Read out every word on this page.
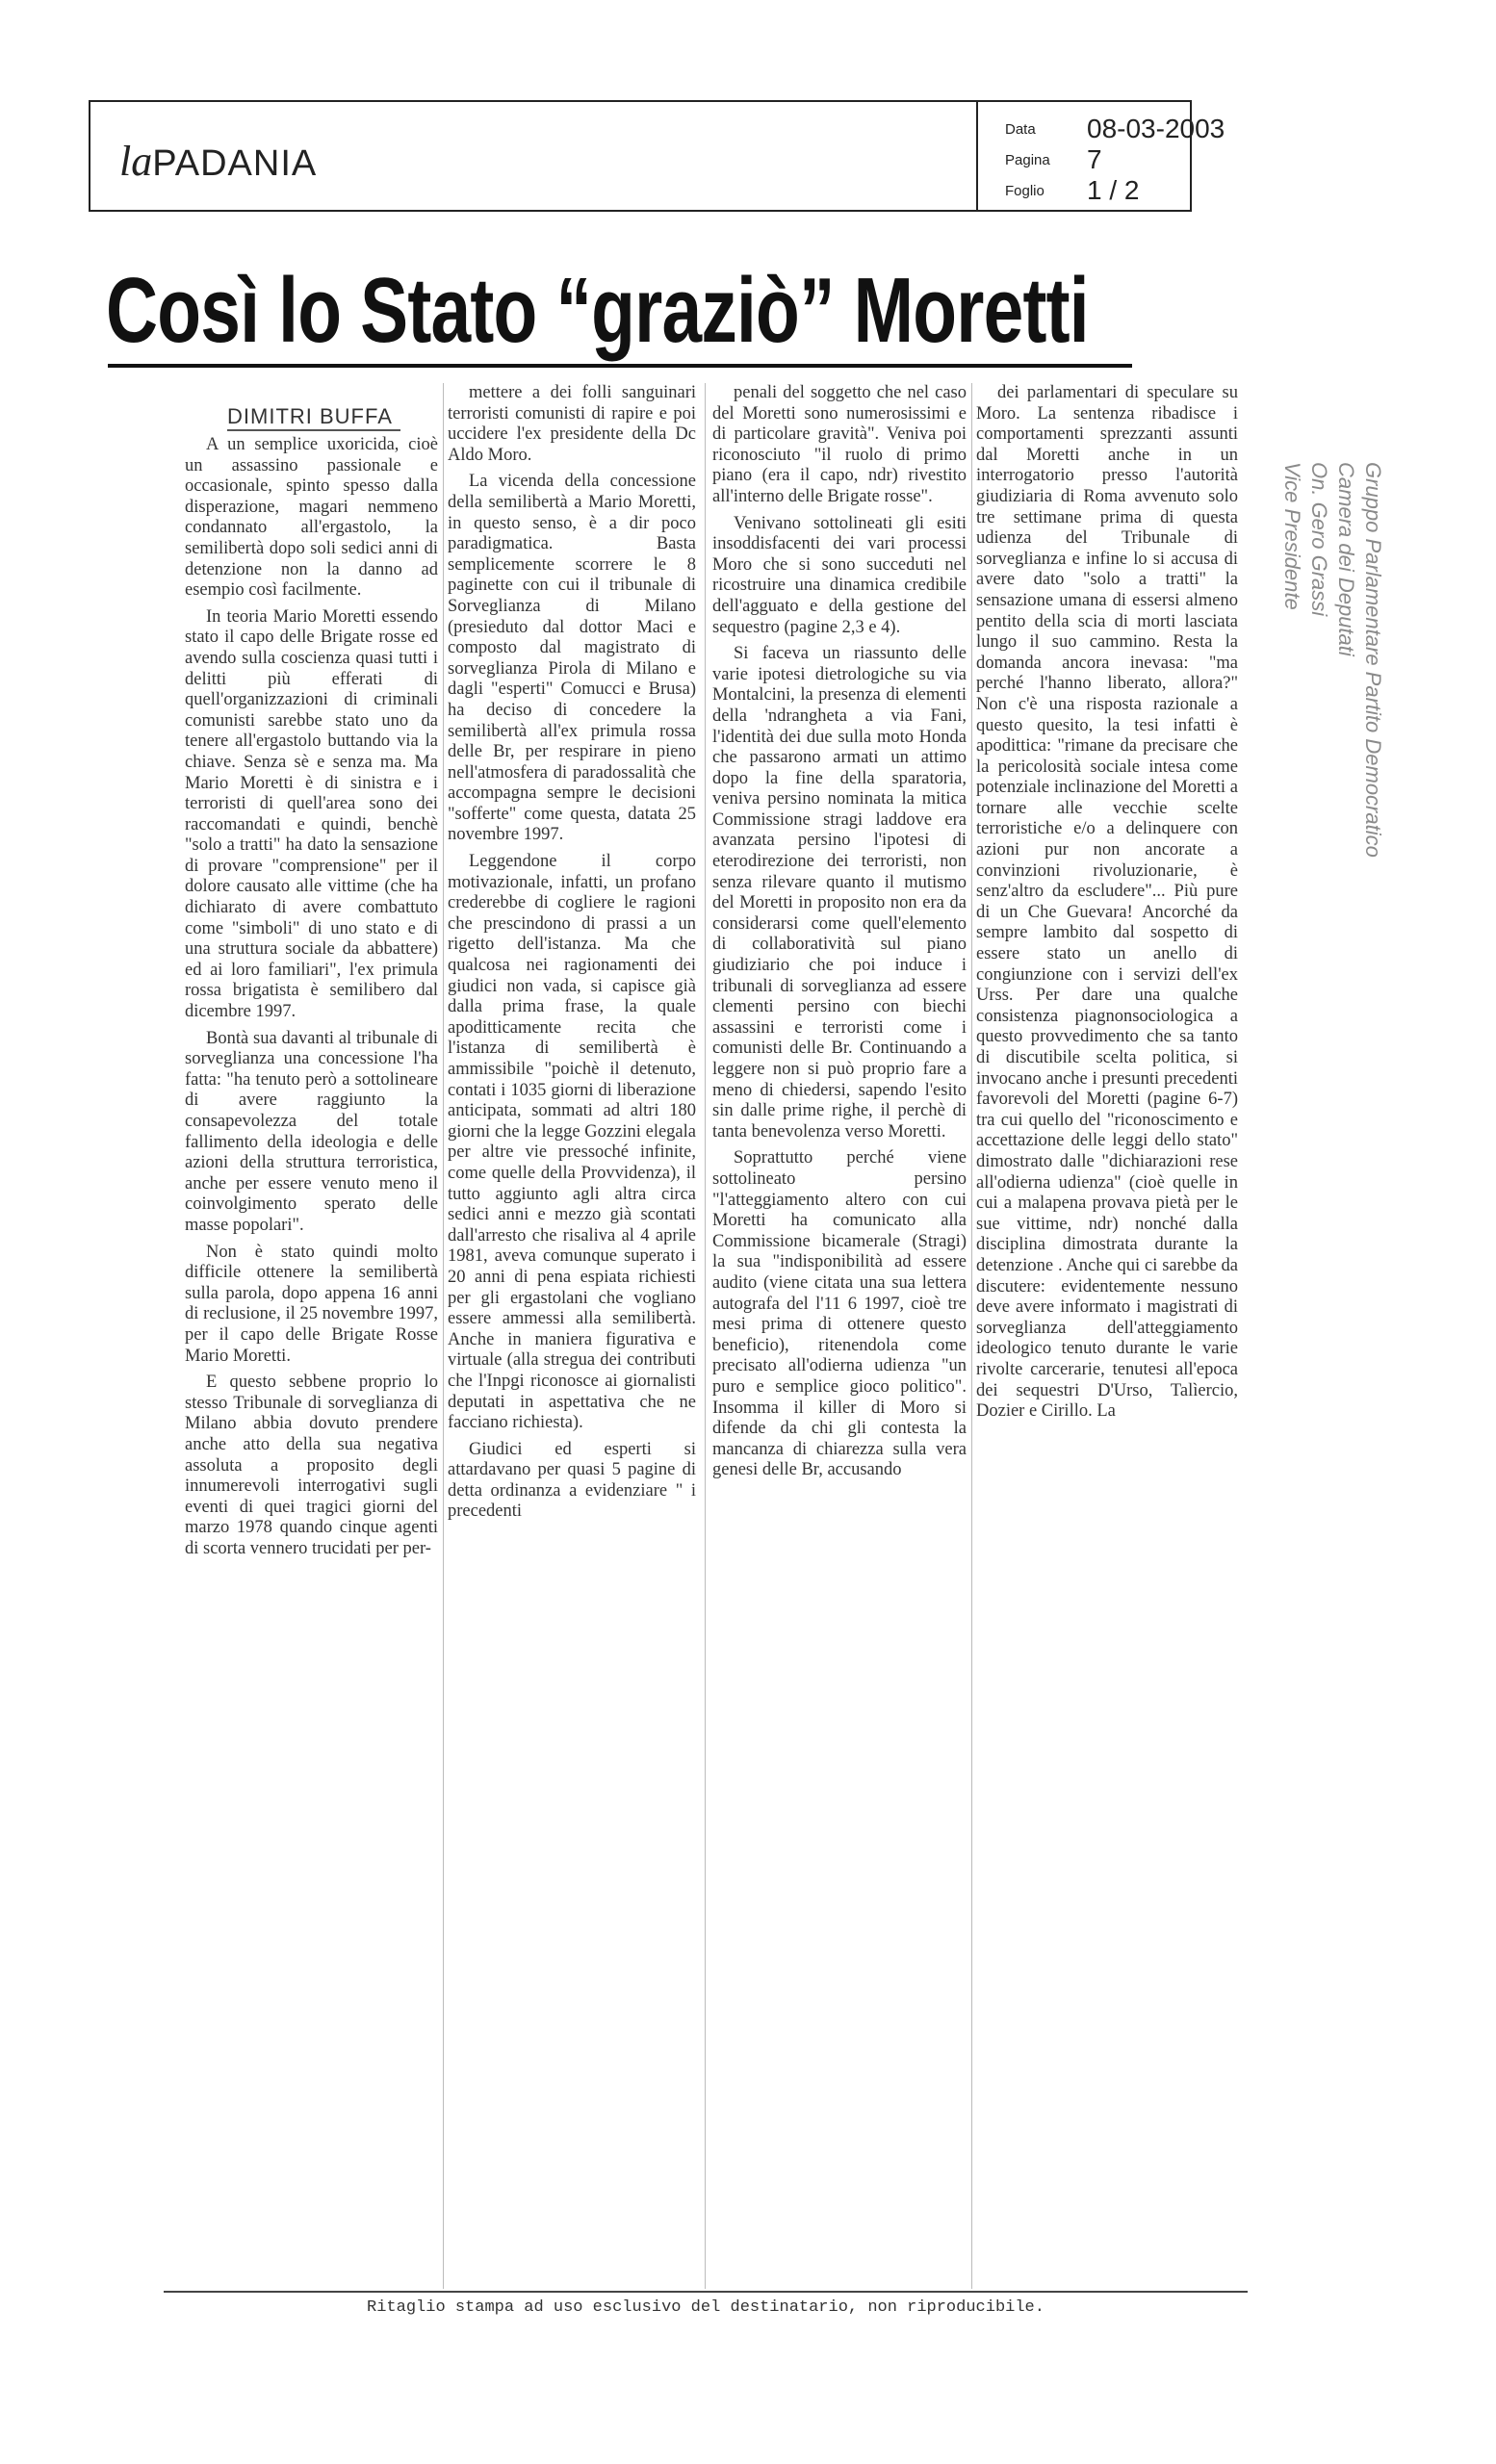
laPADANIA
Data	08-03-2003
Pagina	7
Foglio	1 / 2
Così lo Stato “graziò” Moretti
DIMITRI BUFFA

A un semplice uxoricida, cioè un assassino passionale e occasionale, spinto spesso dalla disperazione, magari nemmeno condannato all'ergastolo, la semilibertà dopo soli sedici anni di detenzione non la danno ad esempio così facilmente.

In teoria Mario Moretti essendo stato il capo delle Brigate rosse ed avendo sulla coscienza quasi tutti i delitti più efferati di quell'organizzazioni di criminali comunisti sarebbe stato uno da tenere all'ergastolo buttando via la chiave. Senza sè e senza ma. Ma Mario Moretti è di sinistra e i terroristi di quell'area sono dei raccomandati e quindi, benchè "solo a tratti" ha dato la sensazione di provare "comprensione" per il dolore causato alle vittime (che ha dichiarato di avere combattuto come "simboli" di uno stato e di una struttura sociale da abbattere) ed ai loro familiari", l'ex primula rossa brigatista è semilibero dal dicembre 1997.

Bontà sua davanti al tribunale di sorveglianza una concessione l'ha fatta: "ha tenuto però a sottolineare di avere raggiunto la consapevolezza del totale fallimento della ideologia e delle azioni della struttura terroristica, anche per essere venuto meno il coinvolgimento sperato delle masse popolari".

Non è stato quindi molto difficile ottenere la semilibertà sulla parola, dopo appena 16 anni di reclusione, il 25 novembre 1997, per il capo delle Brigate Rosse Mario Moretti.

E questo sebbene proprio lo stesso Tribunale di sorveglianza di Milano abbia dovuto prendere anche atto della sua negativa assoluta a proposito degli innumerevoli interrogativi sugli eventi di quei tragici giorni del marzo 1978 quando cinque agenti di scorta vennero trucidati per per-

mettere a dei folli sanguinari terroristi comunisti di rapire e poi uccidere l'ex presidente della Dc Aldo Moro.

La vicenda della concessione della semilibertà a Mario Moretti, in questo senso, è a dir poco paradigmatica. Basta semplicemente scorrere le 8 paginette con cui il tribunale di Sorveglianza di Milano (presieduto dal dottor Maci e composto dal magistrato di sorveglianza Pirola di Milano e dagli "esperti" Comucci e Brusa) ha deciso di concedere la semilibertà all'ex primula rossa delle Br, per respirare in pieno nell'atmosfera di paradossalità che accompagna sempre le decisioni "sofferte" come questa, datata 25 novembre 1997.

Leggendone il corpo motivazionale, infatti, un profano crederebbe di cogliere le ragioni che prescindono di prassi a un rigetto dell'istanza. Ma che qualcosa nei ragionamenti dei giudici non vada, si capisce già dalla prima frase, la quale apoditticamente recita che l'istanza di semilibertà è ammissibile "poichè il detenuto, contati i 1035 giorni di liberazione anticipata, sommati ad altri 180 giorni che la legge Gozzini elegala per altre vie pressoché infinite, come quelle della Provvidenza), il tutto aggiunto agli altra circa sedici anni e mezzo già scontati dall'arresto che risaliva al 4 aprile 1981, aveva comunque superato i 20 anni di pena espiata richiesti per gli ergastolani che vogliano essere ammessi alla semilibertà. Anche in maniera figurativa e virtuale (alla stregua dei contributi che l'Inpgi riconosce ai giornalisti deputati in aspettativa che ne facciano richiesta).

Giudici ed esperti si attardavano per quasi 5 pagine di detta ordinanza a evidenziare " i precedenti

penali del soggetto che nel caso del Moretti sono numerosissimi e di particolare gravità". Veniva poi riconosciuto "il ruolo di primo piano (era il capo, ndr) rivestito all'interno delle Brigate rosse".

Venivano sottolineati gli esiti insoddisfacenti dei vari processi Moro che si sono succeduti nel ricostruire una dinamica credibile dell'agguato e della gestione del sequestro (pagine 2,3 e 4).

Si faceva un riassunto delle varie ipotesi dietrologiche su via Montalcini, la presenza di elementi della 'ndrangheta a via Fani, l'identità dei due sulla moto Honda che passarono armati un attimo dopo la fine della sparatoria, veniva persino nominata la mitica Commissione stragi laddove era avanzata persino l'ipotesi di eterodirezione dei terroristi, non senza rilevare quanto il mutismo del Moretti in proposito non era da considerarsi come quell'elemento di collaboratività sul piano giudiziario che poi inducе i tribunali di sorveglianza ad essere clementi persino con biechi assassini e terroristi come i comunisti delle Br. Continuando a leggere non si può proprio fare a meno di chiedersi, sapendo l'esito sin dalle prime righe, il perchè di tanta benevolenza verso Moretti.

Soprattutto perché viene sottolineato persino "l'atteggiamento altero con cui Moretti ha comunicato alla Commissione bicamerale (Stragi) la sua "indisponibilità ad essere audito (viene citata una sua lettera autografa del l'11 6 1997, cioè tre mesi prima di ottenere questo beneficio), ritenendola come precisato all'odierna udienza "un puro e semplice gioco politico". Insomma il killer di Moro si difende da chi gli contesta la mancanza di chiarezza sulla vera genesi delle Br, accusando

dei parlamentari di speculare su Moro. La sentenza ribadisce i comportamenti sprezzanti assunti dal Moretti anche in un interrogatorio presso l'autorità giudiziaria di Roma avvenuto solo tre settimane prima di questa udienza del Tribunale di sorveglianza e infine lo si accusa di avere dato "solo a tratti" la sensazione umana di essersi almeno pentito della scia di morti lasciata lungo il suo cammino. Resta la domanda ancora inevasa: "ma perché l'hanno liberato, allora?" Non c'è una risposta razionale a questo quesito, la tesi infatti è apodittica: "rimane da precisare che la pericolosità sociale intesa come potenziale inclinazione del Moretti a tornare alle vecchie scelte terroristiche e/o a delinquere con azioni pur non ancorate a convinzioni rivoluzionarie, è senz'altro da escludere"... Più pure di un Che Guevara! Ancorché da sempre lambito dal sospetto di essere stato un anello di congiunzione con i servizi dell'ex Urss. Per dare una qualche consistenza piagnonsociologica a questo provvedimento che sa tanto di discutibile scelta politica, si invocano anche i presunti precedenti favorevoli del Moretti (pagine 6-7) tra cui quello del "riconoscimento e accettazione delle leggi dello stato" dimostrato dalle "dichiarazioni rese all'odierna udienza" (cioè quelle in cui a malapena provava pietà per le sue vittime, ndr) nonché dalla disciplina dimostrata durante la detenzione . Anche qui ci sarebbe da discutere: evidentemente nessuno deve avere informato i magistrati di sorveglianza dell'atteggiamento ideologico tenuto durante le varie rivolte carcerarie, tenutesi all'epoca dei sequestri D'Urso, Talìercio, Dozier e Cirillo. La

Ritaglio stampa ad uso esclusivo del destinatario, non riproducibile.
Gruppo Parlamentare Partito Democratico
Camera dei Deputati
On. Gero Grassi
Vice Presidente
